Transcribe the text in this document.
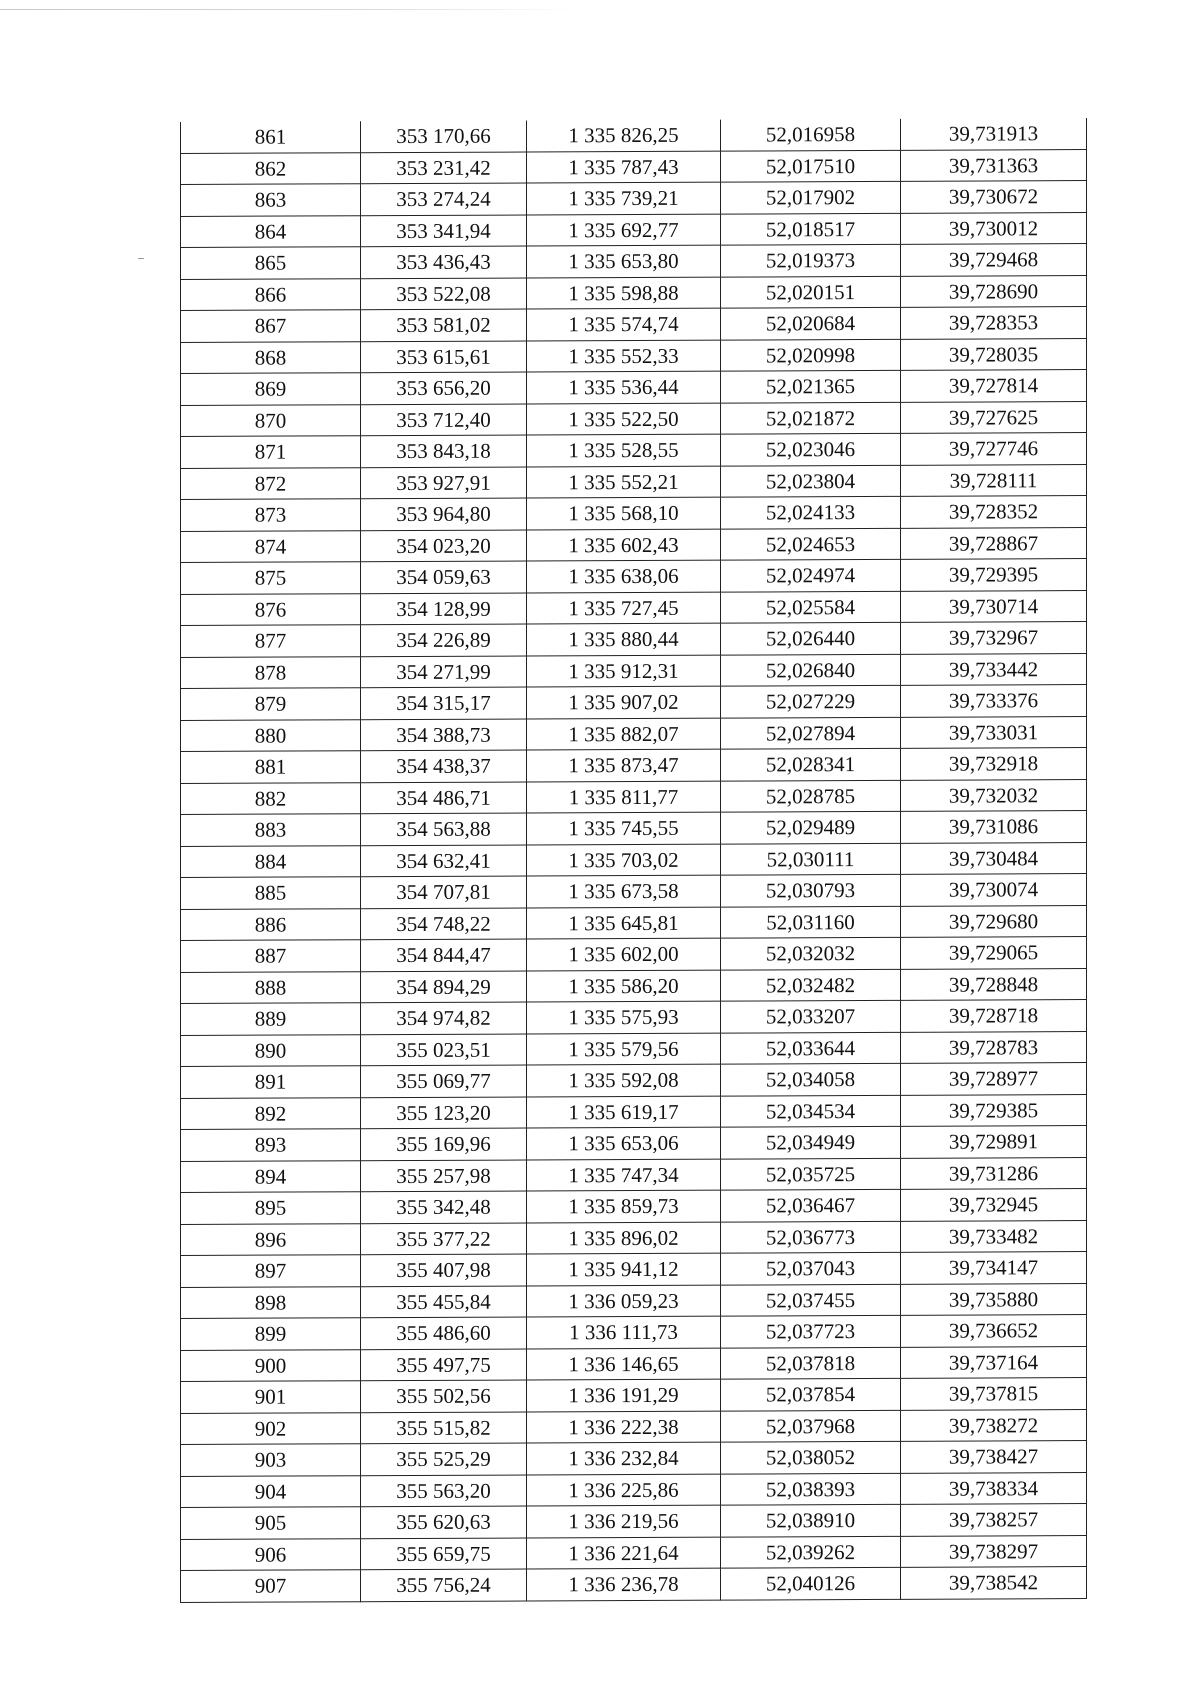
861	353 170,66	1 335 826,25	52,016958	39,731913
862	353 231,42	1 335 787,43	52,017510	39,731363
863	353 274,24	1 335 739,21	52,017902	39,730672
864	353 341,94	1 335 692,77	52,018517	39,730012
865	353 436,43	1 335 653,80	52,019373	39,729468
866	353 522,08	1 335 598,88	52,020151	39,728690
867	353 581,02	1 335 574,74	52,020684	39,728353
868	353 615,61	1 335 552,33	52,020998	39,728035
869	353 656,20	1 335 536,44	52,021365	39,727814
870	353 712,40	1 335 522,50	52,021872	39,727625
871	353 843,18	1 335 528,55	52,023046	39,727746
872	353 927,91	1 335 552,21	52,023804	39,728111
873	353 964,80	1 335 568,10	52,024133	39,728352
874	354 023,20	1 335 602,43	52,024653	39,728867
875	354 059,63	1 335 638,06	52,024974	39,729395
876	354 128,99	1 335 727,45	52,025584	39,730714
877	354 226,89	1 335 880,44	52,026440	39,732967
878	354 271,99	1 335 912,31	52,026840	39,733442
879	354 315,17	1 335 907,02	52,027229	39,733376
880	354 388,73	1 335 882,07	52,027894	39,733031
881	354 438,37	1 335 873,47	52,028341	39,732918
882	354 486,71	1 335 811,77	52,028785	39,732032
883	354 563,88	1 335 745,55	52,029489	39,731086
884	354 632,41	1 335 703,02	52,030111	39,730484
885	354 707,81	1 335 673,58	52,030793	39,730074
886	354 748,22	1 335 645,81	52,031160	39,729680
887	354 844,47	1 335 602,00	52,032032	39,729065
888	354 894,29	1 335 586,20	52,032482	39,728848
889	354 974,82	1 335 575,93	52,033207	39,728718
890	355 023,51	1 335 579,56	52,033644	39,728783
891	355 069,77	1 335 592,08	52,034058	39,728977
892	355 123,20	1 335 619,17	52,034534	39,729385
893	355 169,96	1 335 653,06	52,034949	39,729891
894	355 257,98	1 335 747,34	52,035725	39,731286
895	355 342,48	1 335 859,73	52,036467	39,732945
896	355 377,22	1 335 896,02	52,036773	39,733482
897	355 407,98	1 335 941,12	52,037043	39,734147
898	355 455,84	1 336 059,23	52,037455	39,735880
899	355 486,60	1 336 111,73	52,037723	39,736652
900	355 497,75	1 336 146,65	52,037818	39,737164
901	355 502,56	1 336 191,29	52,037854	39,737815
902	355 515,82	1 336 222,38	52,037968	39,738272
903	355 525,29	1 336 232,84	52,038052	39,738427
904	355 563,20	1 336 225,86	52,038393	39,738334
905	355 620,63	1 336 219,56	52,038910	39,738257
906	355 659,75	1 336 221,64	52,039262	39,738297
907	355 756,24	1 336 236,78	52,040126	39,738542
